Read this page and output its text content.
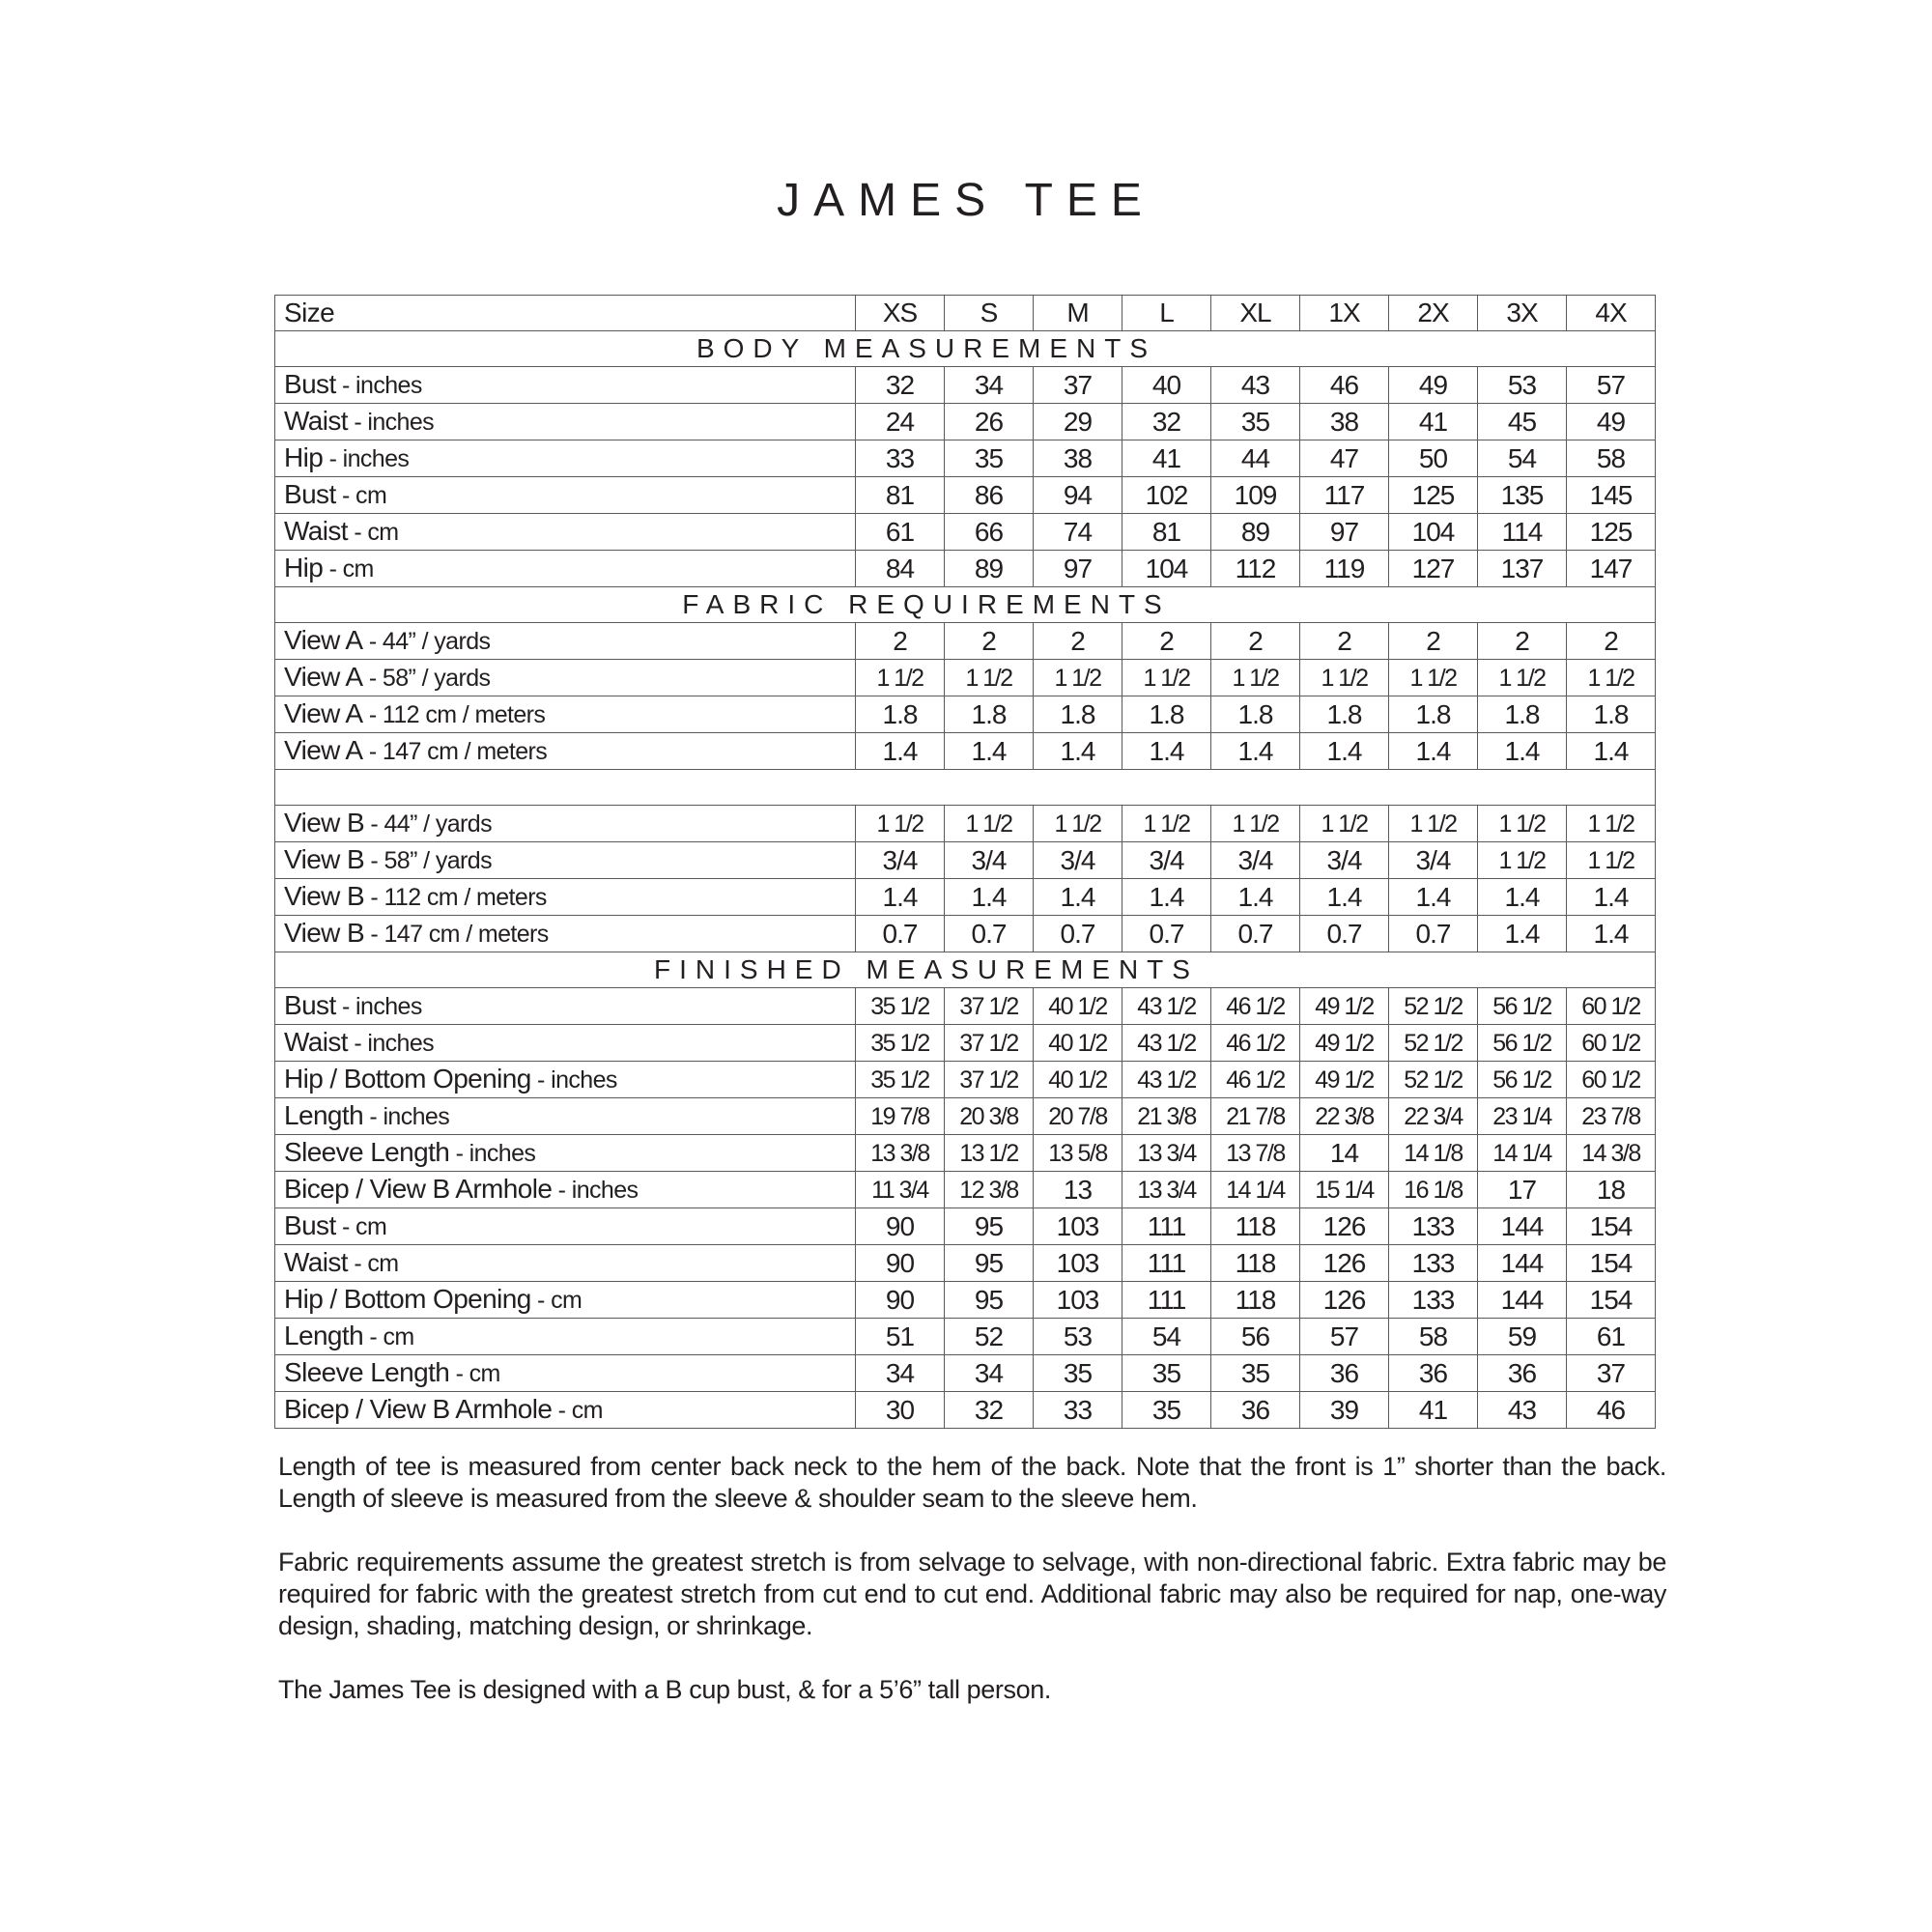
JAMES TEE
Size	XS	S	M	L	XL	1X	2X	3X	4X
BODY MEASUREMENTS									
Bust - inches	32	34	37	40	43	46	49	53	57
Waist - inches	24	26	29	32	35	38	41	45	49
Hip - inches	33	35	38	41	44	47	50	54	58
Bust - cm	81	86	94	102	109	117	125	135	145
Waist - cm	61	66	74	81	89	97	104	114	125
Hip - cm	84	89	97	104	112	119	127	137	147
FABRIC REQUIREMENTS									
View A - 44” / yards	2	2	2	2	2	2	2	2	2
View A - 58” / yards	1 1/2	1 1/2	1 1/2	1 1/2	1 1/2	1 1/2	1 1/2	1 1/2	1 1/2
View A - 112 cm / meters	1.8	1.8	1.8	1.8	1.8	1.8	1.8	1.8	1.8
View A - 147 cm / meters	1.4	1.4	1.4	1.4	1.4	1.4	1.4	1.4	1.4

View B - 44” / yards	1 1/2	1 1/2	1 1/2	1 1/2	1 1/2	1 1/2	1 1/2	1 1/2	1 1/2
View B - 58” / yards	3/4	3/4	3/4	3/4	3/4	3/4	3/4	1 1/2	1 1/2
View B - 112 cm / meters	1.4	1.4	1.4	1.4	1.4	1.4	1.4	1.4	1.4
View B - 147 cm / meters	0.7	0.7	0.7	0.7	0.7	0.7	0.7	1.4	1.4
FINISHED MEASUREMENTS									
Bust - inches	35 1/2	37 1/2	40 1/2	43 1/2	46 1/2	49 1/2	52 1/2	56 1/2	60 1/2
Waist - inches	35 1/2	37 1/2	40 1/2	43 1/2	46 1/2	49 1/2	52 1/2	56 1/2	60 1/2
Hip / Bottom Opening - inches	35 1/2	37 1/2	40 1/2	43 1/2	46 1/2	49 1/2	52 1/2	56 1/2	60 1/2
Length - inches	19 7/8	20 3/8	20 7/8	21 3/8	21 7/8	22 3/8	22 3/4	23 1/4	23 7/8
Sleeve Length - inches	13 3/8	13 1/2	13 5/8	13 3/4	13 7/8	14	14 1/8	14 1/4	14 3/8
Bicep / View B Armhole - inches	11 3/4	12 3/8	13	13 3/4	14 1/4	15 1/4	16 1/8	17	18
Bust - cm	90	95	103	111	118	126	133	144	154
Waist - cm	90	95	103	111	118	126	133	144	154
Hip / Bottom Opening - cm	90	95	103	111	118	126	133	144	154
Length - cm	51	52	53	54	56	57	58	59	61
Sleeve Length - cm	34	34	35	35	35	36	36	36	37
Bicep / View B Armhole - cm	30	32	33	35	36	39	41	43	46

Length of tee is measured from center back neck to the hem of the back. Note that the front is 1” shorter than the back. Length of sleeve is measured from the sleeve & shoulder seam to the sleeve hem.

Fabric requirements assume the greatest stretch is from selvage to selvage, with non-directional fabric. Extra fabric may be required for fabric with the greatest stretch from cut end to cut end. Additional fabric may also be required for nap, one-way design, shading, matching design, or shrinkage.

The James Tee is designed with a B cup bust, & for a 5’6” tall person.
